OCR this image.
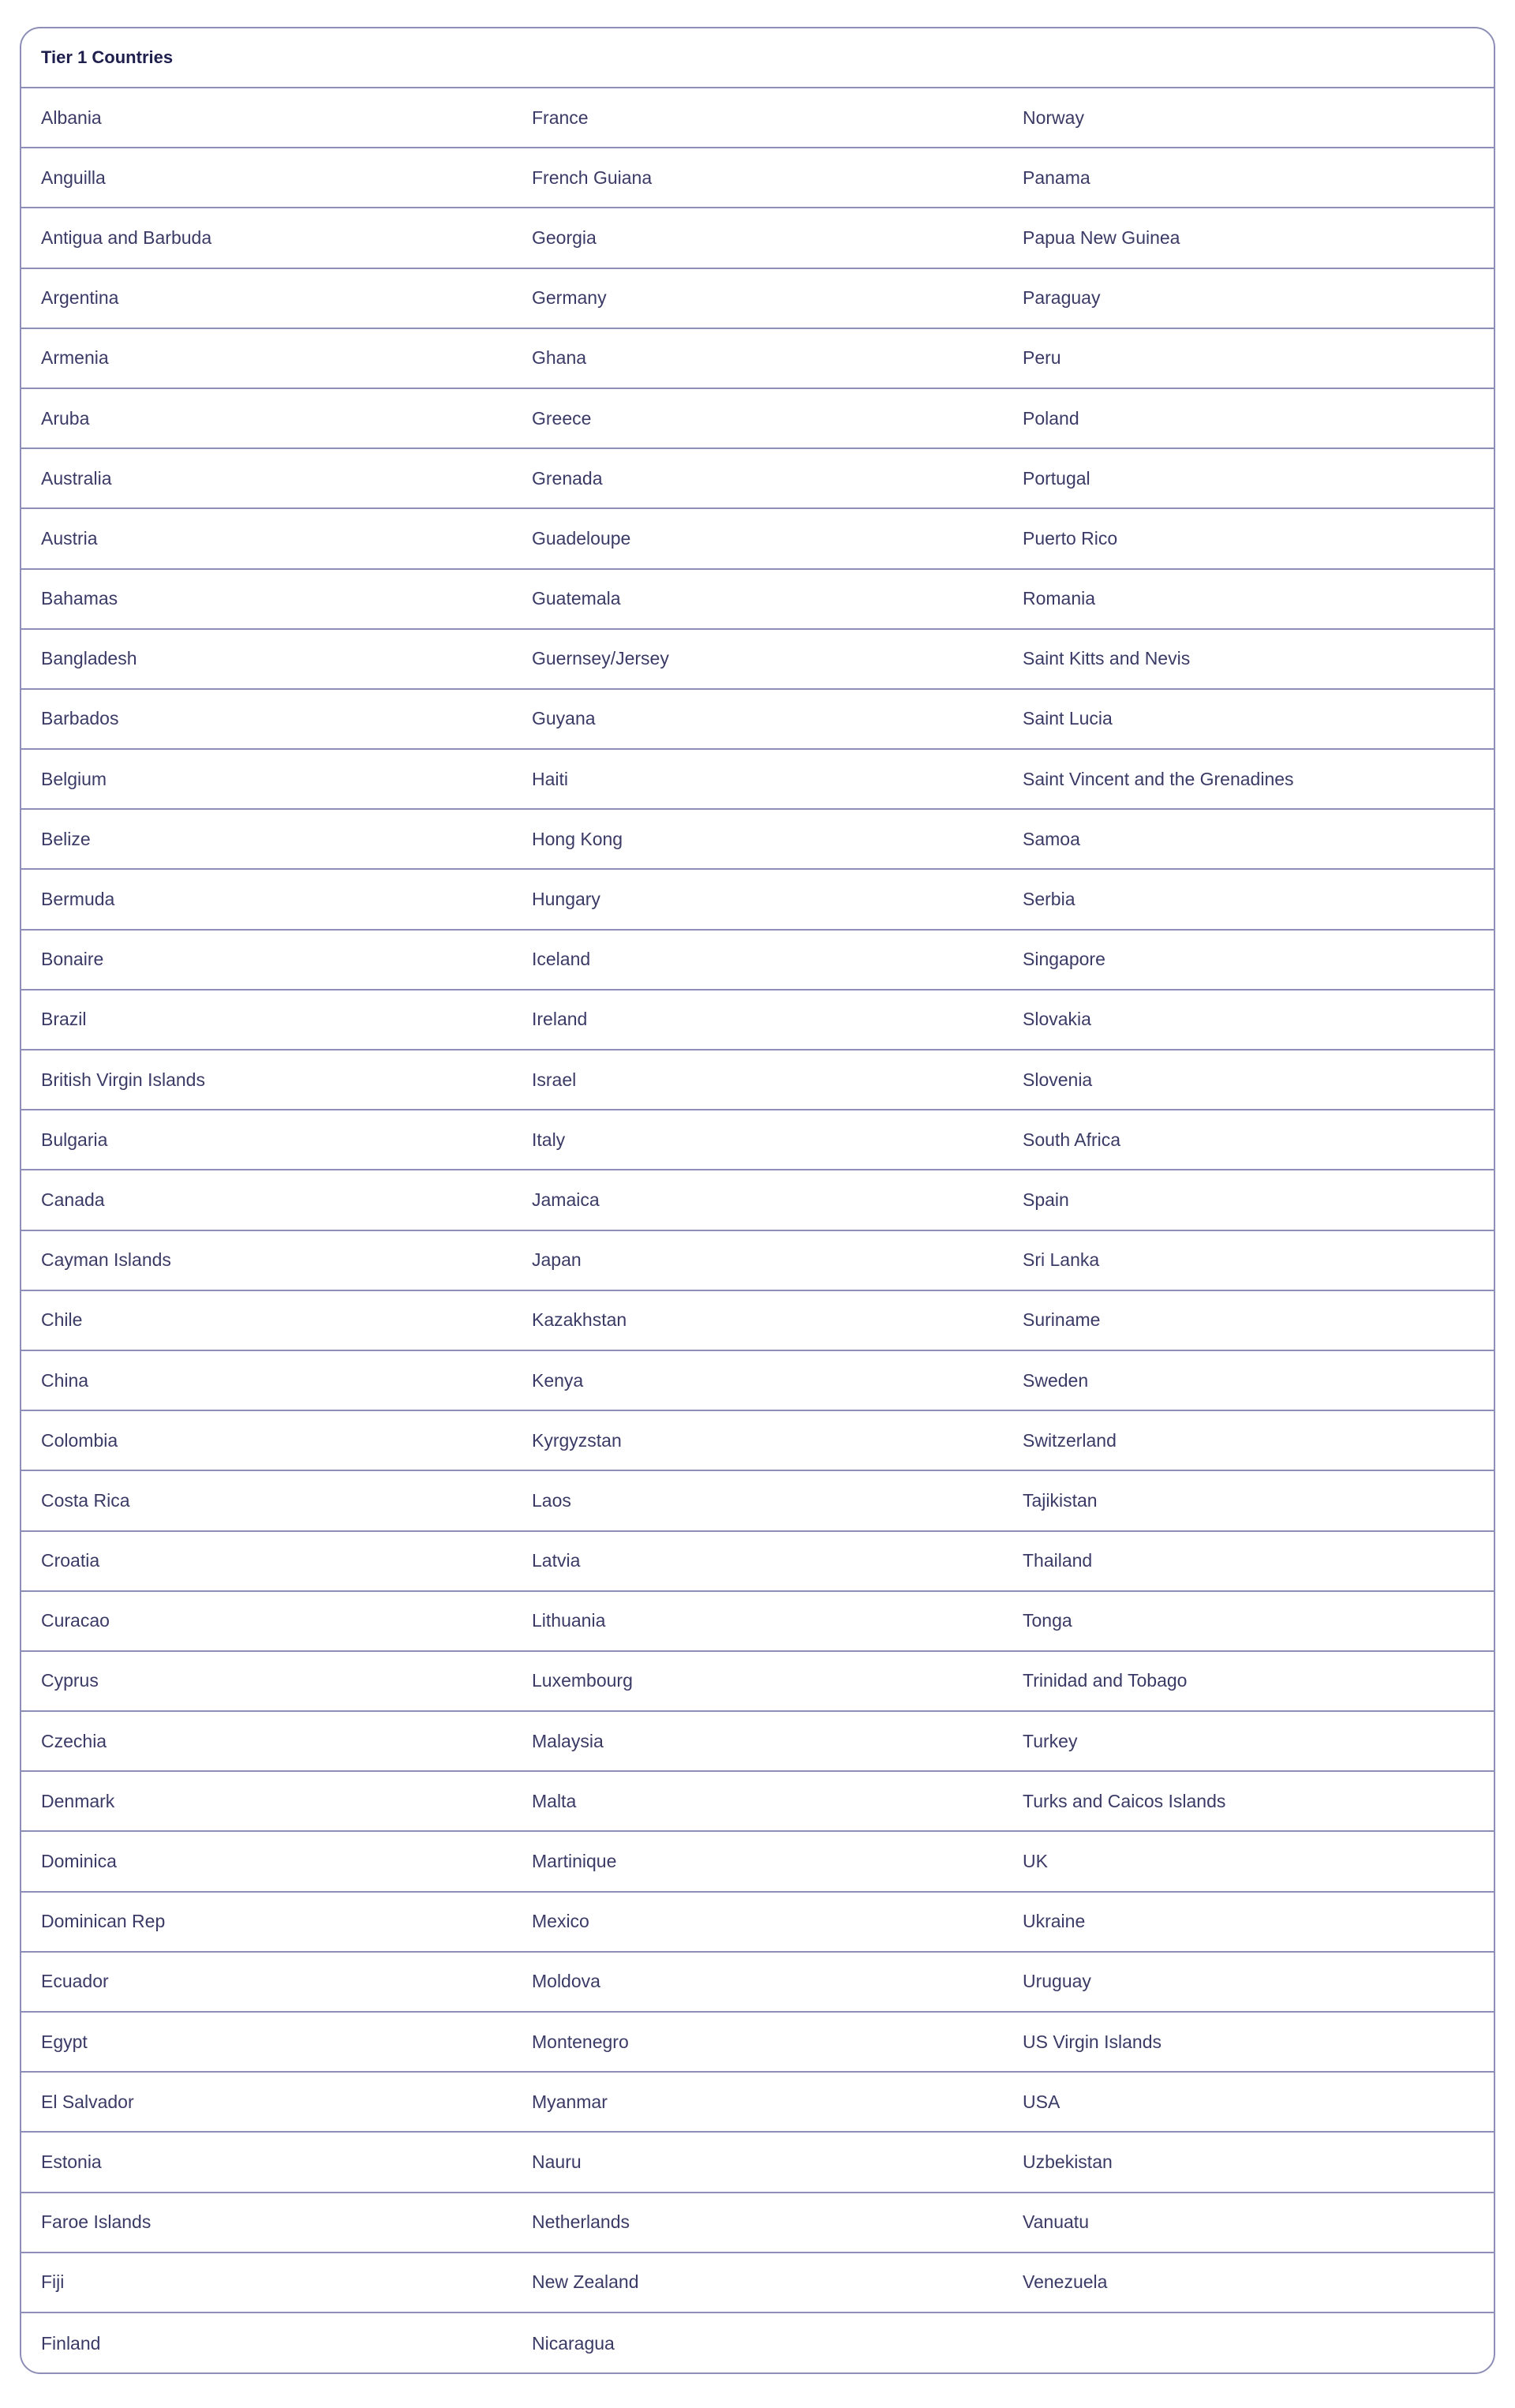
Tier 1 Countries
Albania	France	Norway
Anguilla	French Guiana	Panama
Antigua and Barbuda	Georgia	Papua New Guinea
Argentina	Germany	Paraguay
Armenia	Ghana	Peru
Aruba	Greece	Poland
Australia	Grenada	Portugal
Austria	Guadeloupe	Puerto Rico
Bahamas	Guatemala	Romania
Bangladesh	Guernsey/Jersey	Saint Kitts and Nevis
Barbados	Guyana	Saint Lucia
Belgium	Haiti	Saint Vincent and the Grenadines
Belize	Hong Kong	Samoa
Bermuda	Hungary	Serbia
Bonaire	Iceland	Singapore
Brazil	Ireland	Slovakia
British Virgin Islands	Israel	Slovenia
Bulgaria	Italy	South Africa
Canada	Jamaica	Spain
Cayman Islands	Japan	Sri Lanka
Chile	Kazakhstan	Suriname
China	Kenya	Sweden
Colombia	Kyrgyzstan	Switzerland
Costa Rica	Laos	Tajikistan
Croatia	Latvia	Thailand
Curacao	Lithuania	Tonga
Cyprus	Luxembourg	Trinidad and Tobago
Czechia	Malaysia	Turkey
Denmark	Malta	Turks and Caicos Islands
Dominica	Martinique	UK
Dominican Rep	Mexico	Ukraine
Ecuador	Moldova	Uruguay
Egypt	Montenegro	US Virgin Islands
El Salvador	Myanmar	USA
Estonia	Nauru	Uzbekistan
Faroe Islands	Netherlands	Vanuatu
Fiji	New Zealand	Venezuela
Finland	Nicaragua
